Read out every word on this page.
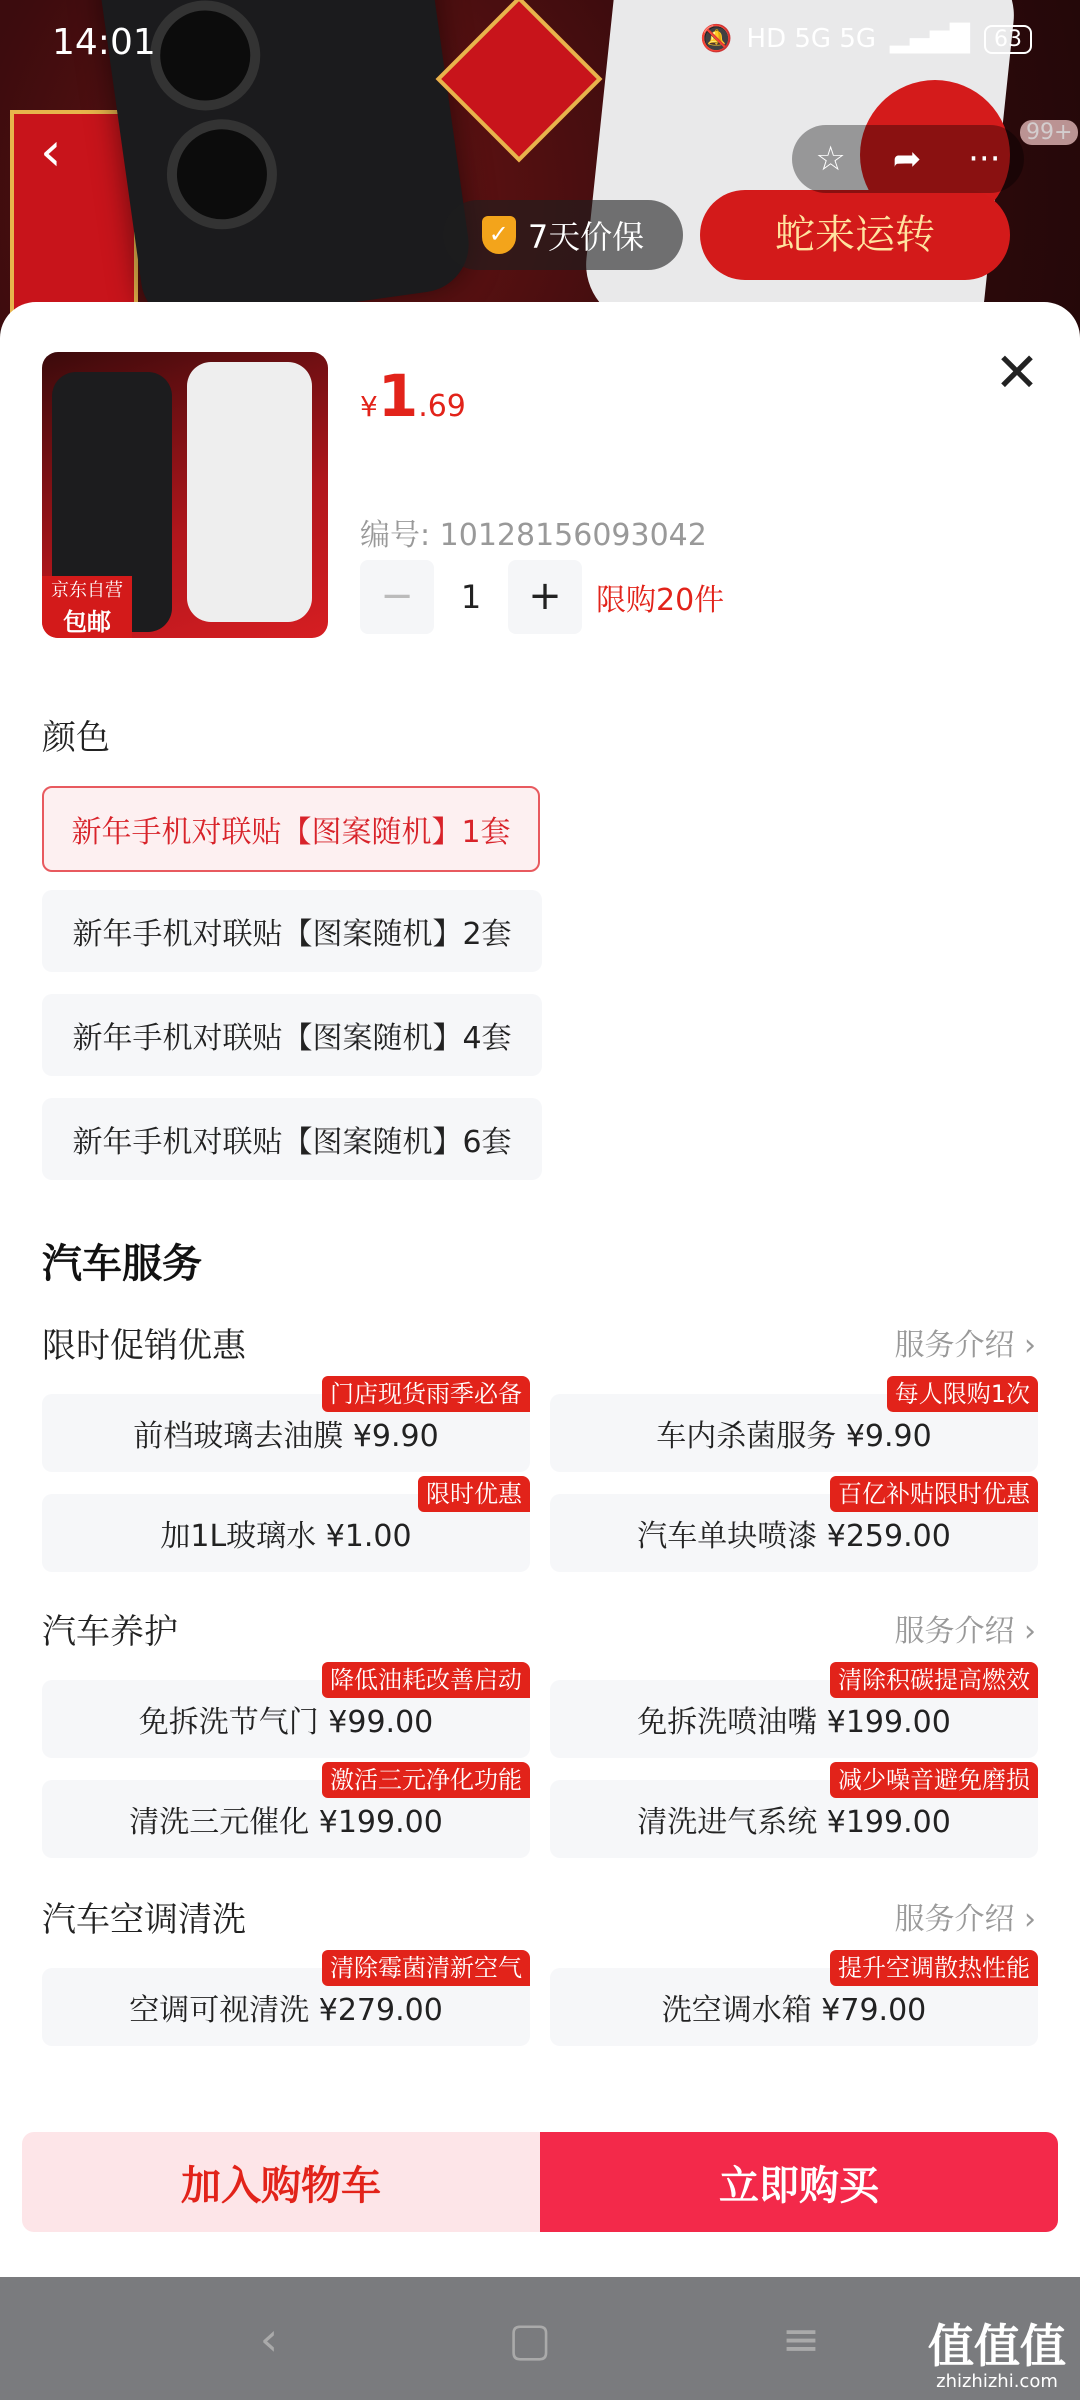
蛇来运转
14:01	🔕 HD 5G 5G ▂▄▆█	63
‹	☆ ➦ ···
99+
✓ 7天价保
京东自营
包邮
¥1.69
✕
编号: 10128156093042
−	1	+	限购20件
颜色
新年手机对联贴【图案随机】1套
新年手机对联贴【图案随机】2套
新年手机对联贴【图案随机】4套
新年手机对联贴【图案随机】6套
汽车服务
限时促销优惠	服务介绍 ›
前档玻璃去油膜 ¥9.90
门店现货雨季必备
车内杀菌服务 ¥9.90
每人限购1次
加1L玻璃水 ¥1.00
限时优惠
汽车单块喷漆 ¥259.00
百亿补贴限时优惠
汽车养护	服务介绍 ›
免拆洗节气门 ¥99.00
降低油耗改善启动
免拆洗喷油嘴 ¥199.00
清除积碳提高燃效
清洗三元催化 ¥199.00
激活三元净化功能
清洗进气系统 ¥199.00
减少噪音避免磨损
汽车空调清洗	服务介绍 ›
空调可视清洗 ¥279.00
清除霉菌清新空气
洗空调水箱 ¥79.00
提升空调散热性能
加入购物车	立即购买
‹	▢	≡ 值值值
zhizhizhi.com
